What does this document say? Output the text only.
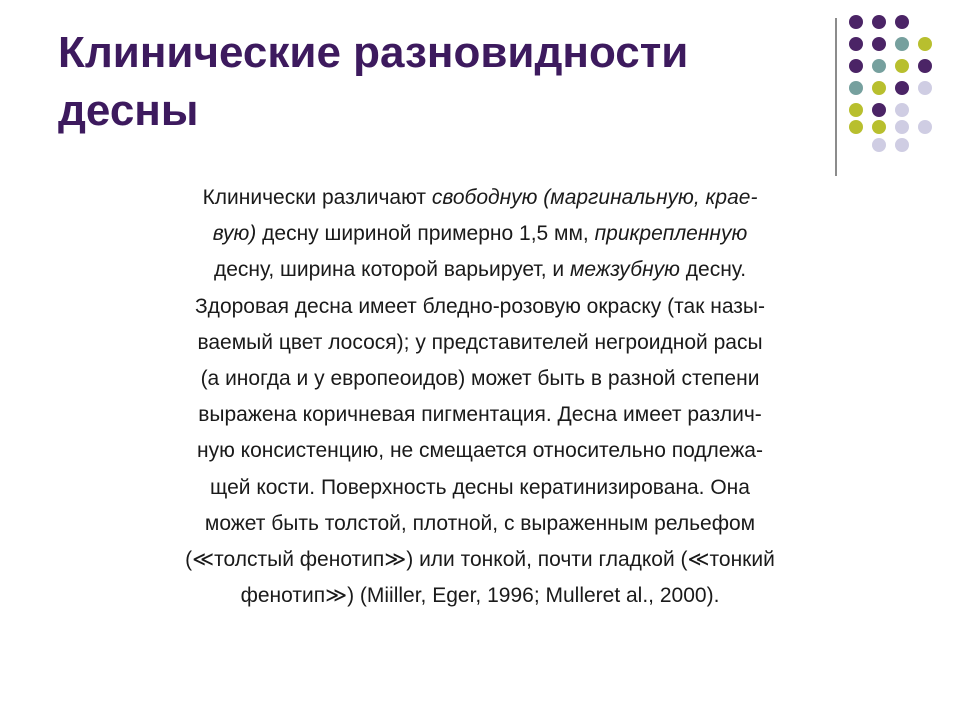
Клинические разновидности
десны
Клинически различают свободную (маргинальную, крае-
вую) десну шириной примерно 1,5 мм, прикрепленную
десну, ширина которой варьирует, и межзубную десну.
Здоровая десна имеет бледно-розовую окраску (так назы-
ваемый цвет лосося); у представителей негроидной расы
(а иногда и у европеоидов) может быть в разной степени
выражена коричневая пигментация. Десна имеет различ-
ную консистенцию, не смещается относительно подлежа-
щей кости. Поверхность десны кератинизирована. Она
может быть толстой, плотной, с выраженным рельефом
(≪толстый фенотип≫) или тонкой, почти гладкой (≪тонкий
фенотип≫) (Miiller, Eger, 1996; Mulleret al., 2000).
